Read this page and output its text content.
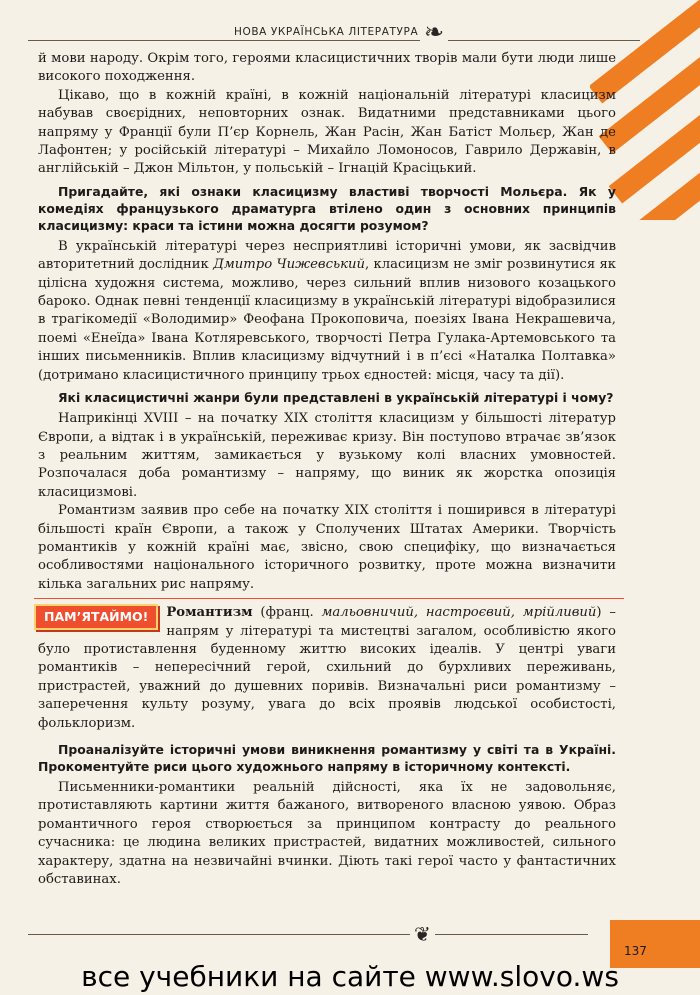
НОВА УКРАЇНСЬКА ЛІТЕРАТУРА ❧

й мови народу. Окрім того, героями класицистичних творів мали бути люди лише високого походження.

Цікаво, що в кожній країні, в кожній національній літературі класицизм набував своєрідних, неповторних ознак. Видатними представниками цього напряму у Франції були П’єр Корнель, Жан Расін, Жан Батіст Мольєр, Жан де Лафонтен; у російській літературі – Михайло Ломоносов, Гаврило Державін, в англійській – Джон Мільтон, у польській – Ігнацій Красіцький.

Пригадайте, які ознаки класицизму властиві творчості Мольєра. Як у комедіях французького драматурга втілено один з основних принципів класицизму: краси та істини можна досягти розумом?

В українській літературі через несприятливі історичні умови, як засвідчив авторитетний дослідник Дмитро Чижевський, класицизм не зміг розвинутися як цілісна художня система, можливо, через сильний вплив низового козацького бароко. Однак певні тенденції класицизму в українській літературі відобразилися в трагікомедії «Володимир» Феофана Прокоповича, поезіях Івана Некрашевича, поемі «Енеїда» Івана Котляревського, творчості Петра Гулака-Артемовського та інших письменників. Вплив класицизму відчутний і в п’єсі «Наталка Полтавка» (дотримано класицистичного принципу трьох єдностей: місця, часу та дії).

Які класицистичні жанри були представлені в українській літературі і чому?

Наприкінці XVIII – на початку XIX століття класицизм у більшості літератур Європи, а відтак і в українській, переживає кризу. Він поступово втрачає зв’язок з реальним життям, замикається у вузькому колі власних умовностей. Розпочалася доба романтизму – напряму, що виник як жорстка опозиція класицизмові.

Романтизм заявив про себе на початку XIX століття і поширився в літературі більшості країн Європи, а також у Сполучених Штатах Америки. Творчість романтиків у кожній країні має, звісно, свою специфіку, що визначається особливостями національного історичного розвитку, проте можна визначити кілька загальних рис напряму.

ПАМ’ЯТАЙМО!	Романтизм (франц. мальовничий, настроєвий, мрійливий) – напрям у літературі та мистецтві загалом, особливістю якого було протиставлення буденному життю високих ідеалів. У центрі уваги романтиків – непересічний герой, схильний до бурхливих переживань, пристрастей, уважний до душевних поривів. Визначальні риси романтизму – заперечення культу розуму, увага до всіх проявів людської особистості, фольклоризм.

Проаналізуйте історичні умови виникнення романтизму у світі та в Україні. Прокоментуйте риси цього художнього напряму в історичному контексті.

Письменники-романтики реальній дійсності, яка їх не задовольняє, протиставляють картини життя бажаного, витвореного власною уявою. Образ романтичного героя створюється за принципом контрасту до реального сучасника: це людина великих пристрастей, видатних можливостей, сильного характеру, здатна на незвичайні вчинки. Діють такі герої часто у фантастичних обставинах.

❦
137
все учебники на сайте www.slovo.ws
